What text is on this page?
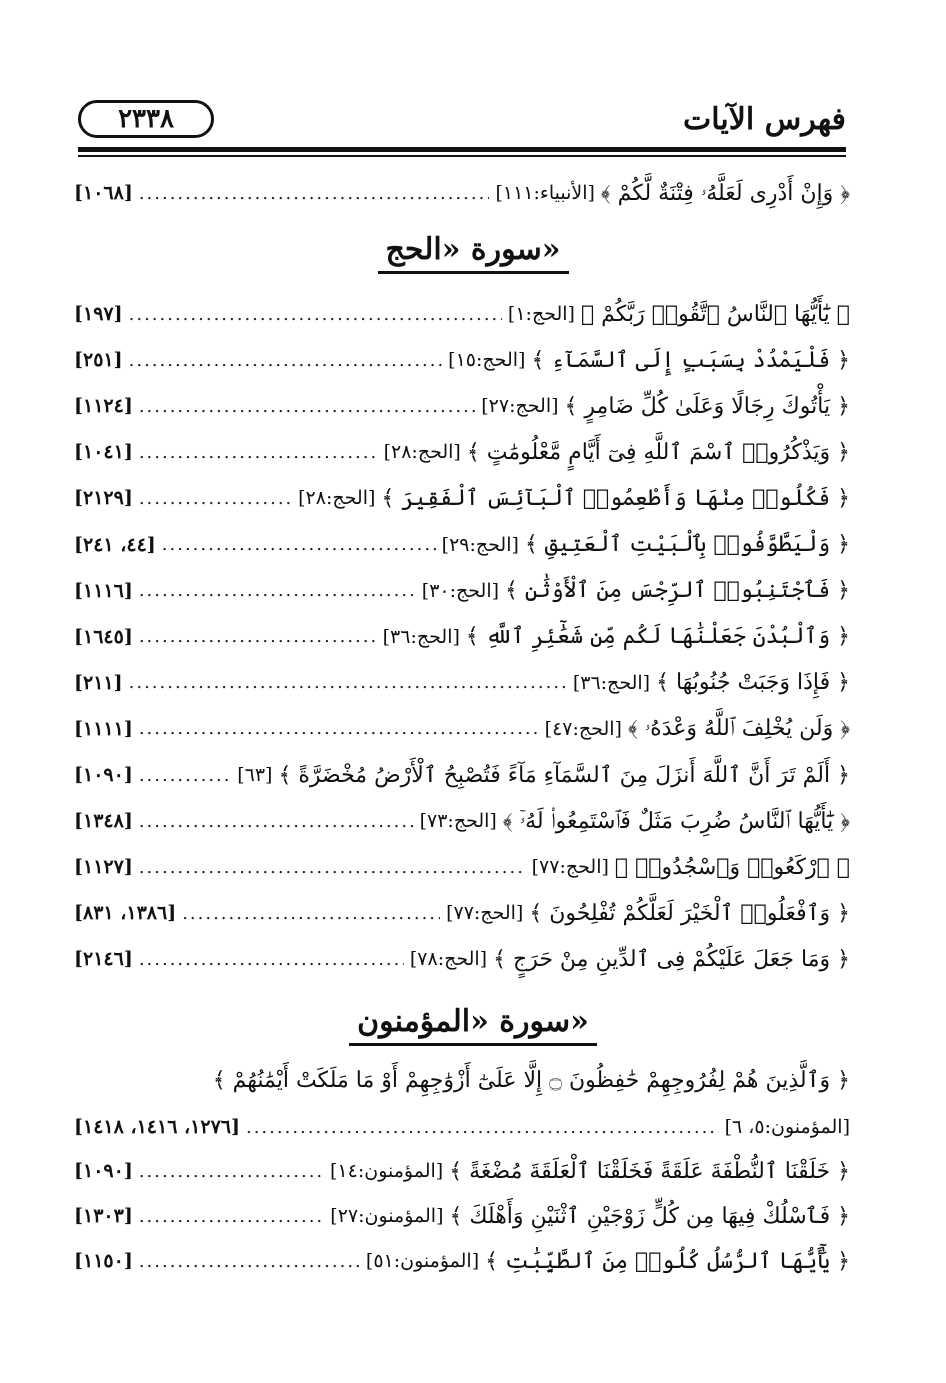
٢٣٣٨	فهرس الآيات
﴿ وَإِنْ أَدْرِى لَعَلَّهُۥ فِتْنَةٌ لَّكُمْ ﴾
[الأنبياء:١١١]
.....
[١٠٦٨]
سورة «الحج»
﴿ يَٰٓأَيُّهَا ٱلنَّاسُ ٱتَّقُوا۟ رَبَّكُمْ ﴾
[الحج:١]
.....
[١٩٧]
﴿ فَلْيَمْدُدْ بِسَبَبٍ إِلَى ٱلسَّمَآءِ ﴾
[الحج:١٥]
.....
[٢٥١]
﴿ يَأْتُوكَ رِجَالًا وَعَلَىٰ كُلِّ ضَامِرٍ ﴾
[الحج:٢٧]
.....
[١١٢٤]
﴿ وَيَذْكُرُوا۟ ٱسْمَ ٱللَّهِ فِىٓ أَيَّامٍ مَّعْلُومَٰتٍ ﴾
[الحج:٢٨]
.....
[١٠٤١]
﴿ فَكُلُوا۟ مِنْهَا وَأَطْعِمُوا۟ ٱلْبَآئِسَ ٱلْفَقِيرَ ﴾
[الحج:٢٨]
.....
[٢١٢٩]
﴿ وَلْيَطَّوَّفُوا۟ بِٱلْبَيْتِ ٱلْعَتِيقِ ﴾
[الحج:٢٩]
.....
[٤٤، ٢٤١]
﴿ فَٱجْتَنِبُوا۟ ٱلرِّجْسَ مِنَ ٱلْأَوْثَٰنِ ﴾
[الحج:٣٠]
.....
[١١١٦]
﴿ وَٱلْبُدْنَ جَعَلْنَٰهَا لَكُم مِّن شَعَٰٓئِرِ ٱللَّهِ ﴾
[الحج:٣٦]
.....
[١٦٤٥]
﴿ فَإِذَا وَجَبَتْ جُنُوبُهَا ﴾
[الحج:٣٦]
.....
[٢١١]
﴿ وَلَن يُخْلِفَ ٱللَّهُ وَعْدَهُۥ ﴾
[الحج:٤٧]
.....
[١١١١]
﴿ أَلَمْ تَرَ أَنَّ ٱللَّهَ أَنزَلَ مِنَ ٱلسَّمَآءِ مَآءً فَتُصْبِحُ ٱلْأَرْضُ مُخْضَرَّةً ﴾
[٦٣]
.....
[١٠٩٠]
﴿ يَٰٓأَيُّهَا ٱلنَّاسُ ضُرِبَ مَثَلٌ فَٱسْتَمِعُوا۟ لَهُۥٓ ﴾
[الحج:٧٣]
.....
[١٣٤٨]
﴿ ٱرْكَعُوا۟ وَٱسْجُدُوا۟ ﴾
[الحج:٧٧]
.....
[١١٢٧]
﴿ وَٱفْعَلُوا۟ ٱلْخَيْرَ لَعَلَّكُمْ تُفْلِحُونَ ﴾
[الحج:٧٧]
.....
[١٣٨٦، ٨٣١]
﴿ وَمَا جَعَلَ عَلَيْكُمْ فِى ٱلدِّينِ مِنْ حَرَجٍ ﴾
[الحج:٧٨]
.....
[٢١٤٦]
سورة «المؤمنون»
﴿ وَٱلَّذِينَ هُمْ لِفُرُوجِهِمْ حَٰفِظُونَ ۝ إِلَّا عَلَىٰٓ أَزْوَٰجِهِمْ أَوْ مَا مَلَكَتْ أَيْمَٰنُهُمْ ﴾
[المؤمنون:٥، ٦]
.....
[١٢٧٦، ١٤١٦، ١٤١٨]
﴿ خَلَقْنَا ٱلنُّطْفَةَ عَلَقَةً فَخَلَقْنَا ٱلْعَلَقَةَ مُضْغَةً ﴾
[المؤمنون:١٤]
.....
[١٠٩٠]
﴿ فَٱسْلُكْ فِيهَا مِن كُلٍّ زَوْجَيْنِ ٱثْنَيْنِ وَأَهْلَكَ ﴾
[المؤمنون:٢٧]
.....
[١٣٠٣]
﴿ يَٰٓأَيُّهَا ٱلرُّسُلُ كُلُوا۟ مِنَ ٱلطَّيِّبَٰتِ ﴾
[المؤمنون:٥١]
.....
[١١٥٠]
